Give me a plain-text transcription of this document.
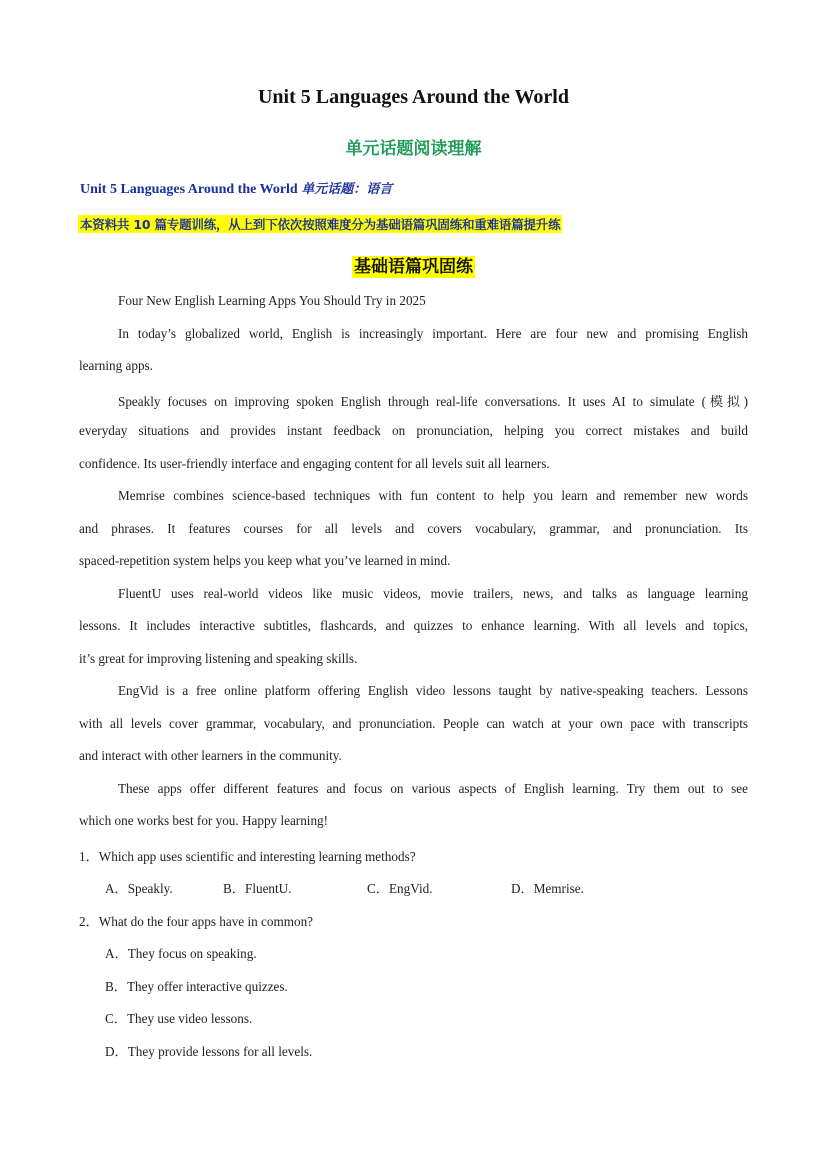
Unit 5 Languages Around the World
单元话题阅读理解
Unit 5 Languages Around the World 单元话题：语言
本资料共 10 篇专题训练，从上到下依次按照难度分为基础语篇巩固练和重难语篇提升练
基础语篇巩固练
Four New English Learning Apps You Should Try in 2025
In today’s globalized world, English is increasingly important. Here are four new and promising English
learning apps.
Speakly focuses on improving spoken English through real-life conversations. It uses AI to simulate (模拟)
everyday situations and provides instant feedback on pronunciation, helping you correct mistakes and build
confidence. Its user-friendly interface and engaging content for all levels suit all learners.
Memrise combines science-based techniques with fun content to help you learn and remember new words
and phrases. It features courses for all levels and covers vocabulary, grammar, and pronunciation. Its
spaced-repetition system helps you keep what you’ve learned in mind.
FluentU uses real-world videos like music videos, movie trailers, news, and talks as language learning
lessons. It includes interactive subtitles, flashcards, and quizzes to enhance learning. With all levels and topics,
it’s great for improving listening and speaking skills.
EngVid is a free online platform offering English video lessons taught by native-speaking teachers. Lessons
with all levels cover grammar, vocabulary, and pronunciation. People can watch at your own pace with transcripts
and interact with other learners in the community.
These apps offer different features and focus on various aspects of English learning. Try them out to see
which one works best for you. Happy learning!
1．Which app uses scientific and interesting learning methods?
A．Speakly.	B．FluentU.	C．EngVid.	D．Memrise.
2．What do the four apps have in common?
A．They focus on speaking.
B．They offer interactive quizzes.
C．They use video lessons.
D．They provide lessons for all levels.
